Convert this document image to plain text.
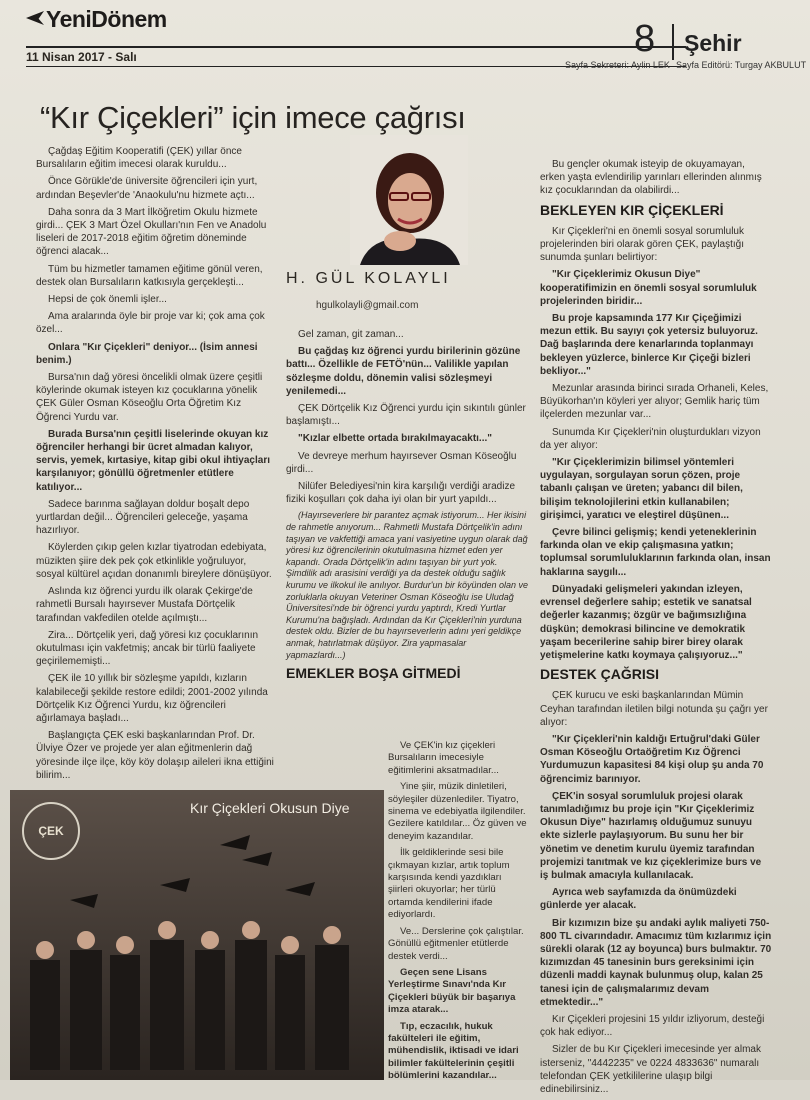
YeniDönem
11 Nisan 2017 - Salı	8 Şehir
Sayfa Sekreteri: Aylin LEK Sayfa Editörü: Turgay AKBULUT
“Kır Çiçekleri” için imece çağrısı
H. GÜL KOLAYLI
hgulkolayli@gmail.com

Çağdaş Eğitim Kooperatifi (ÇEK) yıllar önce Bursalıların eğitim imecesi olarak kuruldu...

Önce Görükle'de üniversite öğrencileri için yurt, ardından Beşevler'de 'Anaokulu'nu hizmete açtı...

Daha sonra da 3 Mart İlköğretim Okulu hizmete girdi... ÇEK 3 Mart Özel Okulları'nın Fen ve Anadolu liseleri de 2017-2018 eğitim öğretim döneminde öğrenci alacak...

Tüm bu hizmetler tamamen eğitime gönül veren, destek olan Bursalıların katkısıyla gerçekleşti...

Hepsi de çok önemli işler...

Ama aralarında öyle bir proje var ki; çok ama çok özel...

Onlara "Kır Çiçekleri" deniyor... (İsim annesi benim.)

Bursa'nın dağ yöresi öncelikli olmak üzere çeşitli köylerinde okumak isteyen kız çocuklarına yönelik ÇEK Güler Osman Köseoğlu Orta Öğretim Kız Öğrenci Yurdu var.

Burada Bursa'nın çeşitli liselerinde okuyan kız öğrenciler herhangi bir ücret almadan kalıyor, servis, yemek, kırtasiye, kitap gibi okul ihtiyaçları karşılanıyor; gönüllü öğretmenler etütlere katılıyor...

Sadece barınma sağlayan doldur boşalt depo yurtlardan değil... Öğrencileri geleceğe, yaşama hazırlıyor.

Köylerden çıkıp gelen kızlar tiyatrodan edebiyata, müzikten şiire dek pek çok etkinlikle yoğruluyor, sosyal kültürel açıdan donanımlı bireylere dönüşüyor.

Aslında kız öğrenci yurdu ilk olarak Çekirge'de rahmetli Bursalı hayırsever Mustafa Dörtçelik tarafından vakfedilen otelde açılmıştı...

Zira... Dörtçelik yeri, dağ yöresi kız çocuklarının okutulması için vakfetmiş; ancak bir türlü faaliyete geçirilememişti...

ÇEK ile 10 yıllık bir sözleşme yapıldı, kızların kalabileceği şekilde restore edildi; 2001-2002 yılında Dörtçelik Kız Öğrenci Yurdu, kız öğrencileri ağırlamaya başladı...

Başlangıçta ÇEK eski başkanlarından Prof. Dr. Ülviye Özer ve projede yer alan eğitmenlerin dağ yöresinde ilçe ilçe, köy köy dolaşıp aileleri ikna ettiğini bilirim...

Gel zaman, git zaman...

Bu çağdaş kız öğrenci yurdu birilerinin gözüne battı... Özellikle de FETÖ'nün... Valilikle yapılan sözleşme doldu, dönemin valisi sözleşmeyi yenilemedi...

ÇEK Dörtçelik Kız Öğrenci yurdu için sıkıntılı günler başlamıştı...

"Kızlar elbette ortada bırakılmayacaktı..."

Ve devreye merhum hayırsever Osman Köseoğlu girdi...

Nilüfer Belediyesi'nin kira karşılığı verdiği aradize fiziki koşulları çok daha iyi olan bir yurt yapıldı...

(Hayırseverlere bir parantez açmak istiyorum... Her ikisini de rahmetle anıyorum... Rahmetli Mustafa Dörtçelik'in adını taşıyan ve vakfettiği amaca yani vasiyetine uygun olarak dağ yöresi kız öğrencilerinin okutulmasına hizmet eden yer kapandı. Orada Dörtçelik'in adını taşıyan bir yurt yok. Şimdilik adı arasisini verdiği ya da destek olduğu sağlık kurumu ve ilkokul ile anılıyor. Burdur'un bir köyünden olan ve zorluklarla okuyan Veteriner Osman Köseoğlu ise Uludağ Üniversitesi'nde bir öğrenci yurdu yaptırdı, Kredi Yurtlar Kurumu'na bağışladı. Ardından da Kır Çiçekleri'nin yurduna destek oldu. Bizler de bu hayırseverlerin adını yeri geldikçe anmak, hatırlatmak düşüyor. Zira yapmasalar yapmazlardı...)

EMEKLER BOŞA GİTMEDİ

Ve ÇEK'in kız çiçekleri Bursalıların imecesiyle eğitimlerini aksatmadılar...

Yine şiir, müzik dinletileri, söyleşiler düzenlediler. Tiyatro, sinema ve edebiyatla ilgilendiler. Gezilere katıldılar... Öz güven ve deneyim kazandılar.

İlk geldiklerinde sesi bile çıkmayan kızlar, artık toplum karşısında kendi yazdıkları şiirleri okuyorlar; her türlü ortamda kendilerini ifade ediyorlardı.

Ve... Derslerine çok çalıştılar. Gönüllü eğitmenler etütlerde destek verdi...

Geçen sene Lisans Yerleştirme Sınavı'nda Kır Çiçekleri büyük bir başarıya imza atarak...

Tıp, eczacılık, hukuk fakülteleri ile eğitim, mühendislik, iktisadi ve idari bilimler fakültelerinin çeşitli bölümlerini kazandılar...

Bu gençler okumak isteyip de okuyamayan, erken yaşta evlendirilip yarınları ellerinden alınmış kız çocuklarından da olabilirdi...

BEKLEYEN KIR ÇİÇEKLERİ

Kır Çiçekleri'ni en önemli sosyal sorumluluk projelerinden biri olarak gören ÇEK, paylaştığı sunumda şunları belirtiyor:

"Kır Çiçeklerimiz Okusun Diye" kooperatifimizin en önemli sosyal sorumluluk projelerinden biridir...

Bu proje kapsamında 177 Kır Çiçeğimizi mezun ettik. Bu sayıyı çok yetersiz buluyoruz. Dağ başlarında dere kenarlarında toplanmayı bekleyen yüzlerce, binlerce Kır Çiçeği bizleri bekliyor..."

Mezunlar arasında birinci sırada Orhaneli, Keles, Büyükorhan'ın köyleri yer alıyor; Gemlik hariç tüm ilçelerden mezunlar var...

Sunumda Kır Çiçekleri'nin oluşturdukları vizyon da yer alıyor:

"Kır Çiçeklerimizin bilimsel yöntemleri uygulayan, sorgulayan sorun çözen, proje tabanlı çalışan ve üreten; yabancı dil bilen, bilişim teknolojilerini etkin kullanabilen; girişimci, yaratıcı ve eleştirel düşünen...

Çevre bilinci gelişmiş; kendi yeteneklerinin farkında olan ve ekip çalışmasına yatkın; toplumsal sorumluluklarının farkında olan, insan haklarına saygılı...

Dünyadaki gelişmeleri yakından izleyen, evrensel değerlere sahip; estetik ve sanatsal değerler kazanmış; özgür ve bağımsızlığına düşkün; demokrasi bilincine ve demokratik yaşam becerilerine sahip birer birey olarak yetişmelerine katkı koymaya çalışıyoruz..."

DESTEK ÇAĞRISI

ÇEK kurucu ve eski başkanlarından Mümin Ceyhan tarafından iletilen bilgi notunda şu çağrı yer alıyor:

"Kır Çiçekleri'nin kaldığı Ertuğrul'daki Güler Osman Köseoğlu Ortaöğretim Kız Öğrenci Yurdumuzun kapasitesi 84 kişi olup şu anda 70 öğrencimiz barınıyor.

ÇEK'in sosyal sorumluluk projesi olarak tanımladığımız bu proje için "Kır Çiçeklerimiz Okusun Diye" hazırlamış olduğumuz sunuyu ekte sizlerle paylaşıyorum. Bu sunu her bir yönetim ve denetim kurulu üyemiz tarafından projemizi tanıtmak ve kız çiçeklerimize burs ve iş bulmak amacıyla kullanılacak.

Ayrıca web sayfamızda da önümüzdeki günlerde yer alacak.

Bir kızımızın bize şu andaki aylık maliyeti 750-800 TL civarındadır. Amacımız tüm kızlarımız için sürekli olarak (12 ay boyunca) burs bulmaktır. 70 kızımızdan 45 tanesinin burs gereksinimi için düzenli maddi kaynak bulunmuş olup, kalan 25 tanesi için de çalışmalarımız devam etmektedir..."

Kır Çiçekleri projesini 15 yıldır izliyorum, desteği çok hak ediyor...

Sizler de bu Kır Çiçekleri imecesinde yer almak isterseniz, "4442235" ve 0224 4833636" numaralı telefondan ÇEK yetkililerine ulaşıp bilgi edinebilirsiniz...

ÇEK
Kır Çiçekleri Okusun Diye
